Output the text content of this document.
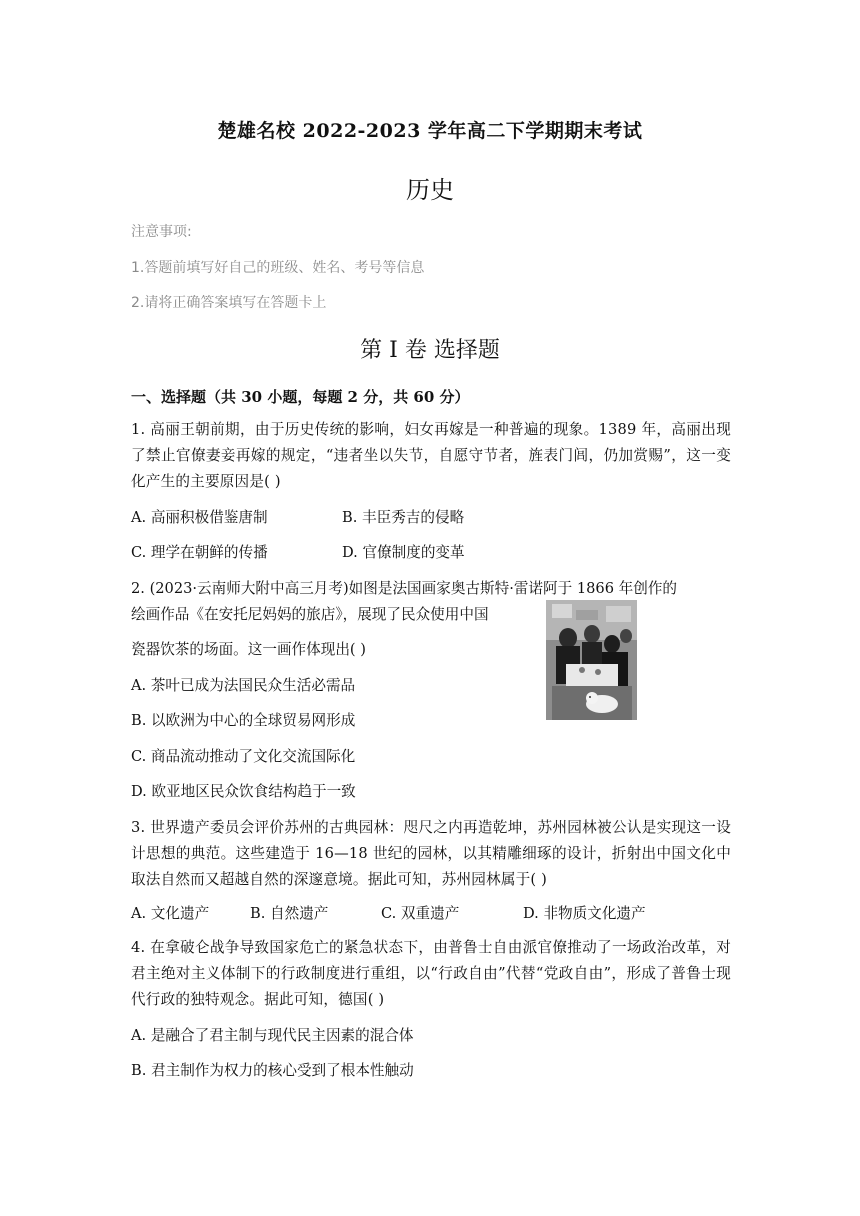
楚雄名校 2022-2023 学年高二下学期期末考试
历史
注意事项:
1.答题前填写好自己的班级、姓名、考号等信息
2.请将正确答案填写在答题卡上
第 I 卷 选择题
一、选择题（共 30 小题，每题 2 分，共 60 分）
1. 高丽王朝前期，由于历史传统的影响，妇女再嫁是一种普遍的现象。1389 年，高丽出现了禁止官僚妻妾再嫁的规定，“违者坐以失节，自愿守节者，旌表门闾，仍加赏赐”，这一变化产生的主要原因是( )
A. 高丽积极借鉴唐制	B. 丰臣秀吉的侵略
C. 理学在朝鲜的传播	D. 官僚制度的变革
2. (2023·云南师大附中高三月考)如图是法国画家奥古斯特·雷诺阿于 1866 年创作的
绘画作品《在安托尼妈妈的旅店》，展现了民众使用中国
瓷器饮茶的场面。这一画作体现出( )
A. 茶叶已成为法国民众生活必需品
B. 以欧洲为中心的全球贸易网形成
C. 商品流动推动了文化交流国际化
D. 欧亚地区民众饮食结构趋于一致
3. 世界遗产委员会评价苏州的古典园林：咫尺之内再造乾坤，苏州园林被公认是实现这一设计思想的典范。这些建造于 16—18 世纪的园林，以其精雕细琢的设计，折射出中国文化中取法自然而又超越自然的深邃意境。据此可知，苏州园林属于( )
A. 文化遗产	B. 自然遗产	C. 双重遗产	D. 非物质文化遗产
4. 在拿破仑战争导致国家危亡的紧急状态下，由普鲁士自由派官僚推动了一场政治改革，对君主绝对主义体制下的行政制度进行重组，以“行政自由”代替“党政自由”，形成了普鲁士现代行政的独特观念。据此可知，德国( )
A. 是融合了君主制与现代民主因素的混合体
B. 君主制作为权力的核心受到了根本性触动
